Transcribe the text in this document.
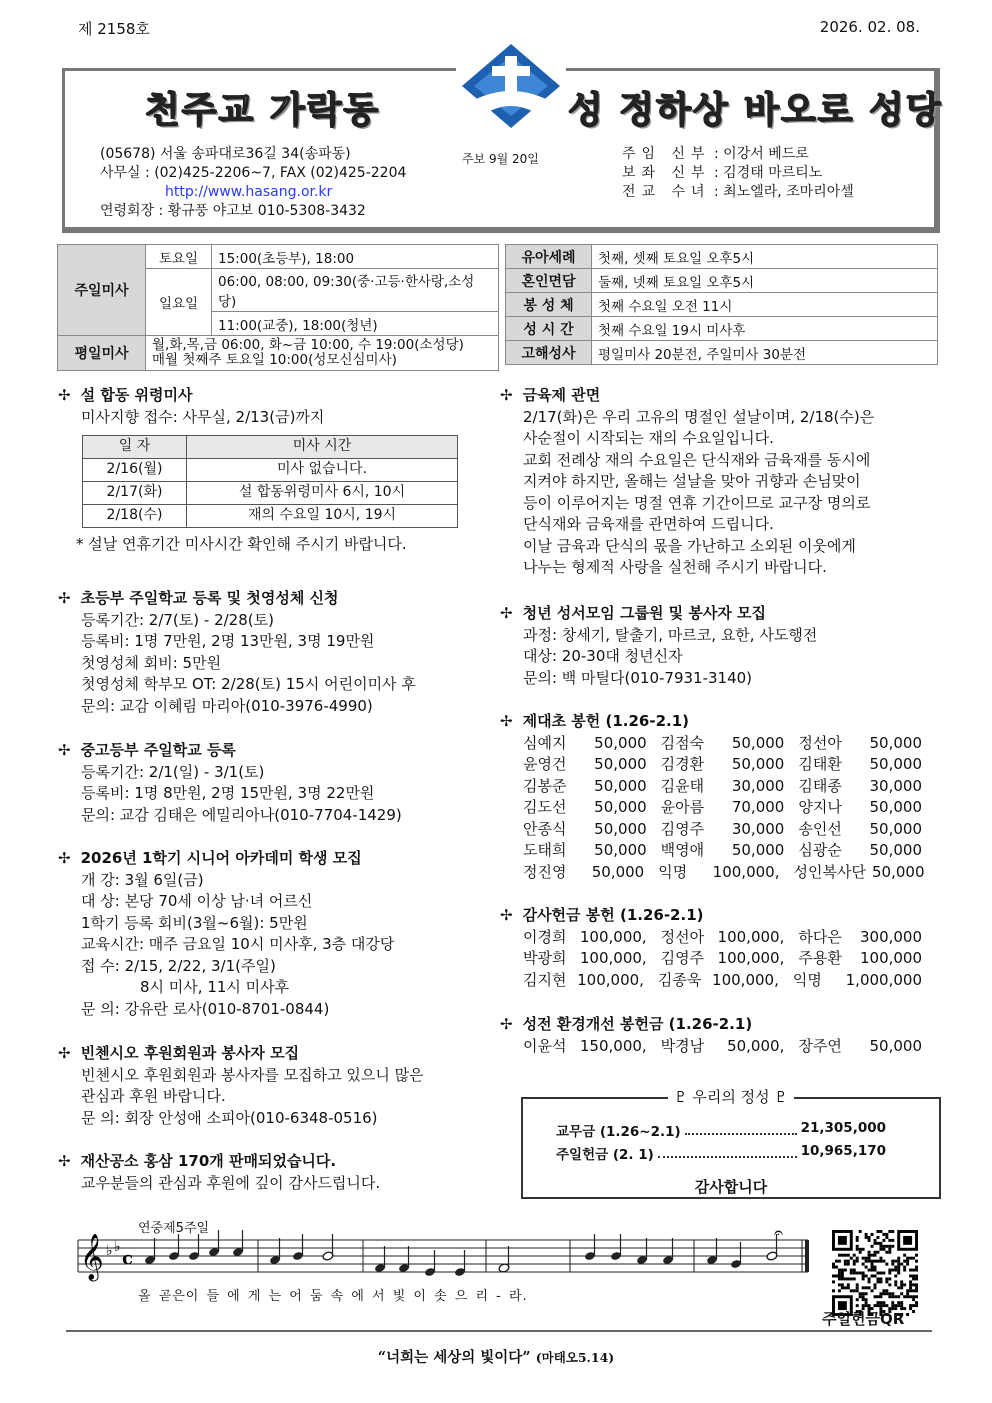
제 2158호	2026. 02. 08.
천주교 가락동	성 정하상 바오로 성당
(05678) 서울 송파대로36길 34(송파동)
사무실 : (02)425-2206~7, FAX (02)425-2204
http://www.hasang.or.kr
연령회장 : 황규풍 야고보 010-5308-3432
주보 9월 20일	주임 신부 : 이강서 베드로
보좌 신부 : 김경태 마르티노
전교 수녀 : 최노엘라, 조마리아셀
주일미사	토요일	15:00(초등부), 18:00
	일요일	06:00, 08:00, 09:30(중·고등·한사랑,소성당)
		11:00(교중), 18:00(청년)
평일미사	월,화,목,금 06:00, 화~금 10:00, 수 19:00(소성당)
매월 첫째주 토요일 10:00(성모신심미사)	
유아세례	첫째, 셋째 토요일 오후5시
혼인면담	둘째, 넷째 토요일 오후5시
봉 성 체	첫째 수요일 오전 11시
성 시 간	첫째 수요일 19시 미사후
고해성사	평일미사 20분전, 주일미사 30분전
✢ 설 합동 위령미사
미사지향 접수: 사무실, 2/13(금)까지
일 자	미사 시간
2/16(월)	미사 없습니다.
2/17(화)	설 합동위령미사 6시, 10시
2/18(수)	재의 수요일 10시, 19시
* 설날 연휴기간 미사시간 확인해 주시기 바랍니다.
✢ 초등부 주일학교 등록 및 첫영성체 신청
등록기간: 2/7(토) - 2/28(토)
등록비: 1명 7만원, 2명 13만원, 3명 19만원
첫영성체 회비: 5만원
첫영성체 학부모 OT: 2/28(토) 15시 어린이미사 후
문의: 교감 이혜림 마리아(010-3976-4990)
✢ 중고등부 주일학교 등록
등록기간: 2/1(일) - 3/1(토)
등록비: 1명 8만원, 2명 15만원, 3명 22만원
문의: 교감 김태은 에밀리아나(010-7704-1429)
✢ 2026년 1학기 시니어 아카데미 학생 모집
개 강: 3월 6일(금)
대 상: 본당 70세 이상 남·녀 어르신
1학기 등록 회비(3월~6월): 5만원
교육시간: 매주 금요일 10시 미사후, 3층 대강당
접 수: 2/15, 2/22, 3/1(주일)
8시 미사, 11시 미사후
문 의: 강유란 로사(010-8701-0844)
✢ 빈첸시오 후원회원과 봉사자 모집
빈첸시오 후원회원과 봉사자를 모집하고 있으니 많은
관심과 후원 바랍니다.
문 의: 회장 안성애 소피아(010-6348-0516)
✢ 재산공소 홍삼 170개 판매되었습니다.
교우분들의 관심과 후원에 깊이 감사드립니다.
✢ 금육제 관면
2/17(화)은 우리 고유의 명절인 설날이며, 2/18(수)은
사순절이 시작되는 재의 수요일입니다.
교회 전례상 재의 수요일은 단식재와 금육재를 동시에
지켜야 하지만, 올해는 설날을 맞아 귀향과 손님맞이
등이 이루어지는 명절 연휴 기간이므로 교구장 명의로
단식재와 금육재를 관면하여 드립니다.
이날 금육과 단식의 몫을 가난하고 소외된 이웃에게
나누는 형제적 사랑을 실천해 주시기 바랍니다.
✢ 청년 성서모임 그룹원 및 봉사자 모집
과정: 창세기, 탈출기, 마르코, 요한, 사도행전
대상: 20-30대 청년신자
문의: 백 마틸다(010-7931-3140)
✢ 제대초 봉헌 (1.26-2.1)
심예지	50,000 김점숙	50,000 정선아	50,000
윤영건	50,000 김경환	50,000 김태환	50,000
김봉준	50,000 김윤태	30,000 김태종	30,000
김도선	50,000 윤아름	70,000 양지나	50,000
안종식	50,000 김영주	30,000 송인선	50,000
도태희	50,000 백영애	50,000 심광순	50,000
정진영	50,000 익명	100,000, 성인복사단 50,000
✢ 감사헌금 봉헌 (1.26-2.1)
이경희 100,000, 정선아 100,000, 하다은	300,000
박광희 100,000, 김영주 100,000, 주용환	100,000
김지현 100,000, 김종욱 100,000, 익명	1,000,000
✢ 성전 환경개선 봉헌금 (1.26-2.1)
이윤석 150,000, 박경남	50,000, 장주연	50,000
♇ 우리의 정성 ♇
교무금 (1.26~2.1)	21,305,000
주일헌금 (2. 1)	10,965,170
감사합니다
연중제5주일
𝄞 ♭ ♭
c
𝄐
올 곧은이 들 에 게 는 어 둠 속 에 서 빛 이 솟 으 리 - 라.
주일헌금QR
“너희는 세상의 빛이다” (마태오5.14)
